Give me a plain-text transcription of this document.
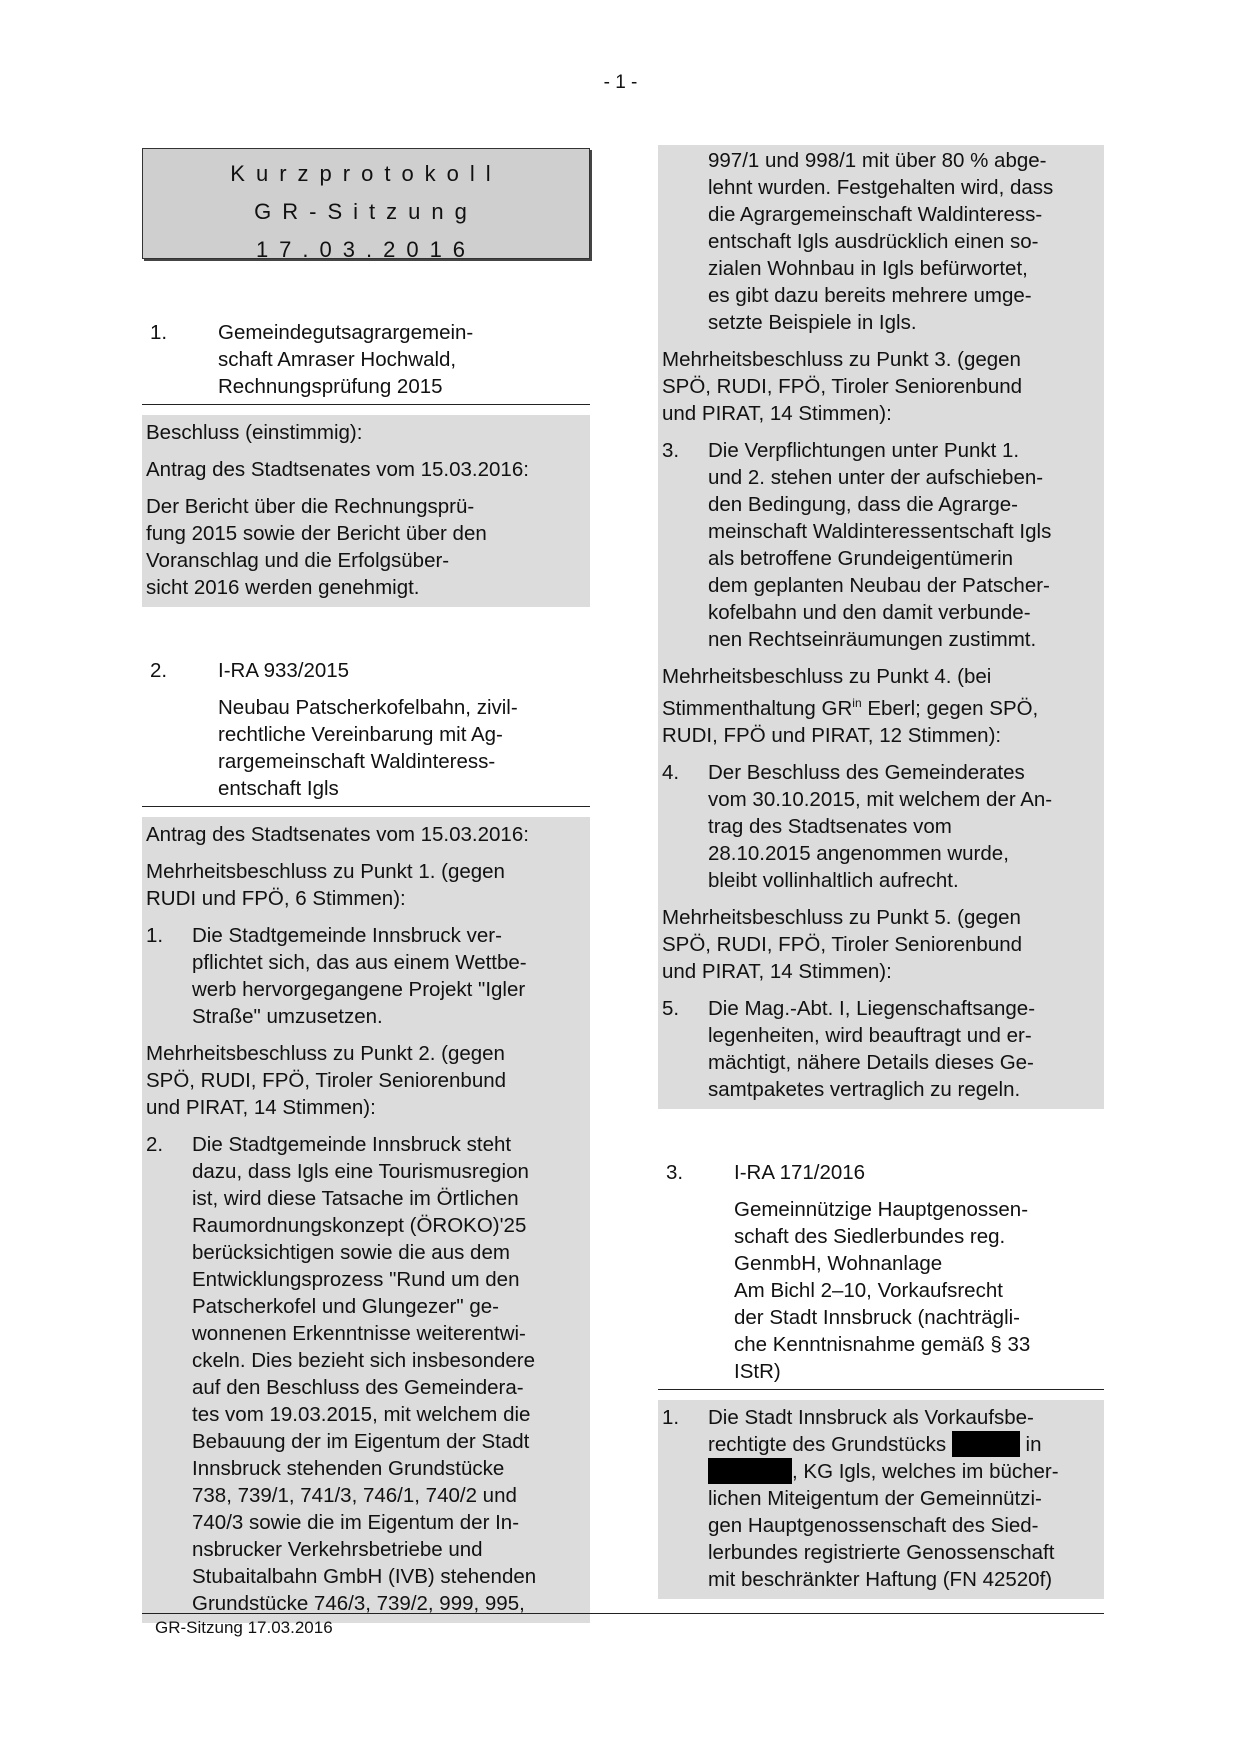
- 1 -
Kurzprotokoll
GR-Sitzung
17.03.2016
1.	Gemeindegutsagrargemein-
schaft Amraser Hochwald,
Rechnungsprüfung 2015
Beschluss (einstimmig):
Antrag des Stadtsenates vom 15.03.2016:
Der Bericht über die Rechnungsprü-
fung 2015 sowie der Bericht über den
Voranschlag und die Erfolgsüber-
sicht 2016 werden genehmigt.
2.	I-RA 933/2015
Neubau Patscherkofelbahn, zivil-
rechtliche Vereinbarung mit Ag-
rargemeinschaft Waldinteress-
entschaft Igls
Antrag des Stadtsenates vom 15.03.2016:
Mehrheitsbeschluss zu Punkt 1. (gegen
RUDI und FPÖ, 6 Stimmen):
1.	Die Stadtgemeinde Innsbruck ver-
pflichtet sich, das aus einem Wettbe-
werb hervorgegangene Projekt "Igler
Straße" umzusetzen.
Mehrheitsbeschluss zu Punkt 2. (gegen
SPÖ, RUDI, FPÖ, Tiroler Seniorenbund
und PIRAT, 14 Stimmen):
2.	Die Stadtgemeinde Innsbruck steht
dazu, dass Igls eine Tourismusregion
ist, wird diese Tatsache im Örtlichen
Raumordnungskonzept (ÖROKO)'25
berücksichtigen sowie die aus dem
Entwicklungsprozess "Rund um den
Patscherkofel und Glungezer" ge-
wonnenen Erkenntnisse weiterentwi-
ckeln. Dies bezieht sich insbesondere
auf den Beschluss des Gemeindera-
tes vom 19.03.2015, mit welchem die
Bebauung der im Eigentum der Stadt
Innsbruck stehenden Grundstücke
738, 739/1, 741/3, 746/1, 740/2 und
740/3 sowie die im Eigentum der In-
nsbrucker Verkehrsbetriebe und
Stubaitalbahn GmbH (IVB) stehenden
Grundstücke 746/3, 739/2, 999, 995,
997/1 und 998/1 mit über 80 % abge-
lehnt wurden. Festgehalten wird, dass
die Agrargemeinschaft Waldinteress-
entschaft Igls ausdrücklich einen so-
zialen Wohnbau in Igls befürwortet,
es gibt dazu bereits mehrere umge-
setzte Beispiele in Igls.
Mehrheitsbeschluss zu Punkt 3. (gegen
SPÖ, RUDI, FPÖ, Tiroler Seniorenbund
und PIRAT, 14 Stimmen):
3.	Die Verpflichtungen unter Punkt 1.
und 2. stehen unter der aufschieben-
den Bedingung, dass die Agrarge-
meinschaft Waldinteressentschaft Igls
als betroffene Grundeigentümerin
dem geplanten Neubau der Patscher-
kofelbahn und den damit verbunde-
nen Rechtseinräumungen zustimmt.
Mehrheitsbeschluss zu Punkt 4. (bei
Stimmenthaltung $GR^{in}$ Eberl; gegen SPÖ,
RUDI, FPÖ und PIRAT, 12 Stimmen):
4.	Der Beschluss des Gemeinderates
vom 30.10.2015, mit welchem der An-
trag des Stadtsenates vom
28.10.2015 angenommen wurde,
bleibt vollinhaltlich aufrecht.
Mehrheitsbeschluss zu Punkt 5. (gegen
SPÖ, RUDI, FPÖ, Tiroler Seniorenbund
und PIRAT, 14 Stimmen):
5.	Die Mag.-Abt. I, Liegenschaftsange-
legenheiten, wird beauftragt und er-
mächtigt, nähere Details dieses Ge-
samtpaketes vertraglich zu regeln.
3.	I-RA 171/2016
Gemeinnützige Hauptgenossen-
schaft des Siedlerbundes reg.
GenmbH, Wohnanlage
Am Bichl 2–10, Vorkaufsrecht
der Stadt Innsbruck (nachträgli-
che Kenntnisnahme gemäß § 33
IStR)
1.	Die Stadt Innsbruck als Vorkaufsbe-
rechtigte des Grundstücks	in
, KG Igls, welches im bücher-
lichen Miteigentum der Gemeinnützi-
gen Hauptgenossenschaft des Sied-
lerbundes registrierte Genossenschaft
mit beschränkter Haftung (FN 42520f)
GR-Sitzung 17.03.2016
